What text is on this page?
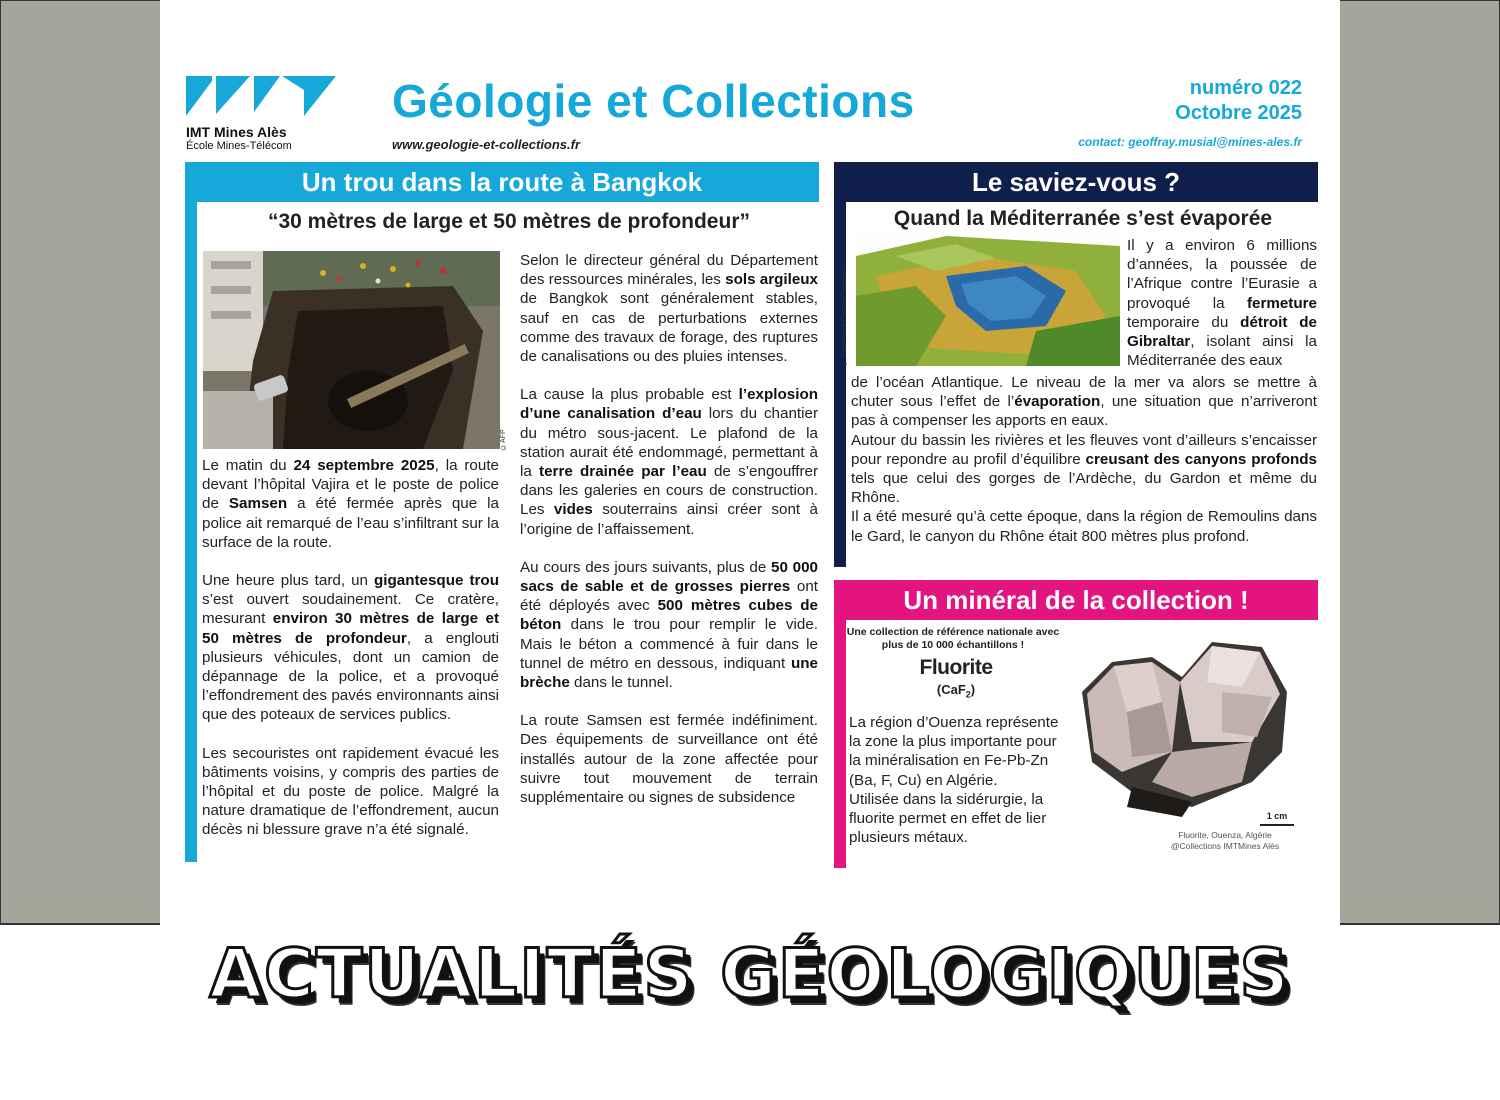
IMT Mines Alès
École Mines-Télécom
Géologie et Collections
www.geologie-et-collections.fr
numéro 022
Octobre 2025
contact: geoffray.musial@mines-ales.fr
Un trou dans la route à Bangkok
“30 mètres de large et 50 mètres de profondeur”
©AFP

Le matin du 24 septembre 2025, la route devant l’hôpital Vajira et le poste de police de Samsen a été fermée après que la police ait remarqué de l’eau s’infiltrant sur la surface de la route.

Une heure plus tard, un gigantesque trou s’est ouvert soudainement. Ce cratère, mesurant environ 30 mètres de large et 50 mètres de profondeur, a englouti plusieurs véhicules, dont un camion de dépannage de la police, et a provoqué l’effondrement des pavés environnants ainsi que des poteaux de services publics.

Les secouristes ont rapidement évacué les bâtiments voisins, y compris des parties de l’hôpital et du poste de police. Malgré la nature dramatique de l’effondrement, aucun décès ni blessure grave n’a été signalé.

Selon le directeur général du Département des ressources minérales, les sols argileux de Bangkok sont généralement stables, sauf en cas de perturbations externes comme des travaux de forage, des ruptures de canalisations ou des pluies intenses.

La cause la plus probable est l’explosion d’une canalisation d’eau lors du chantier du métro sous-jacent. Le plafond de la station aurait été endommagé, permettant à la terre drainée par l’eau de s’engouffrer dans les galeries en cours de construction. Les vides souterrains ainsi créer sont à l’origine de l’affaissement.

Au cours des jours suivants, plus de 50 000 sacs de sable et de grosses pierres ont été déployés avec 500 mètres cubes de béton dans le trou pour remplir le vide. Mais le béton a commencé à fuir dans le tunnel de métro en dessous, indiquant une brèche dans le tunnel.

La route Samsen est fermée indéfiniment. Des équipements de surveillance ont été installés autour de la zone affectée pour suivre tout mouvement de terrain supplémentaire ou signes de subsidence

Le saviez-vous ?
Quand la Méditerranée s’est évaporée
© Pibernat et Garcia-Castellano
Il y a environ 6 millions d’années, la poussée de l’Afrique contre l’Eurasie a provoqué la fermeture temporaire du détroit de Gibraltar, isolant ainsi la Méditerranée des eaux
de l’océan Atlantique. Le niveau de la mer va alors se mettre à chuter sous l’effet de l’évaporation, une situation que n’arriveront pas à compenser les apports en eaux.
Autour du bassin les rivières et les fleuves vont d’ailleurs s’encaisser pour repondre au profil d’équilibre creusant des canyons profonds tels que celui des gorges de l’Ardèche, du Gardon et même du Rhône.
Il a été mesuré qu’à cette époque, dans la région de Remoulins dans le Gard, le canyon du Rhône était 800 mètres plus profond.
Un minéral de la collection !
Une collection de référence nationale avec plus de 10 000 échantillons !
Fluorite
(CaF$_2$)
La région d’Ouenza représente la zone la plus importante pour la minéralisation en Fe-Pb-Zn (Ba, F, Cu) en Algérie.
Utilisée dans la sidérurgie, la fluorite permet en effet de lier plusieurs métaux.
1 cm
Fluorite, Ouenza, Algérie
@Collections IMTMines Alès
ACTUALITÉS GÉOLOGIQUES
